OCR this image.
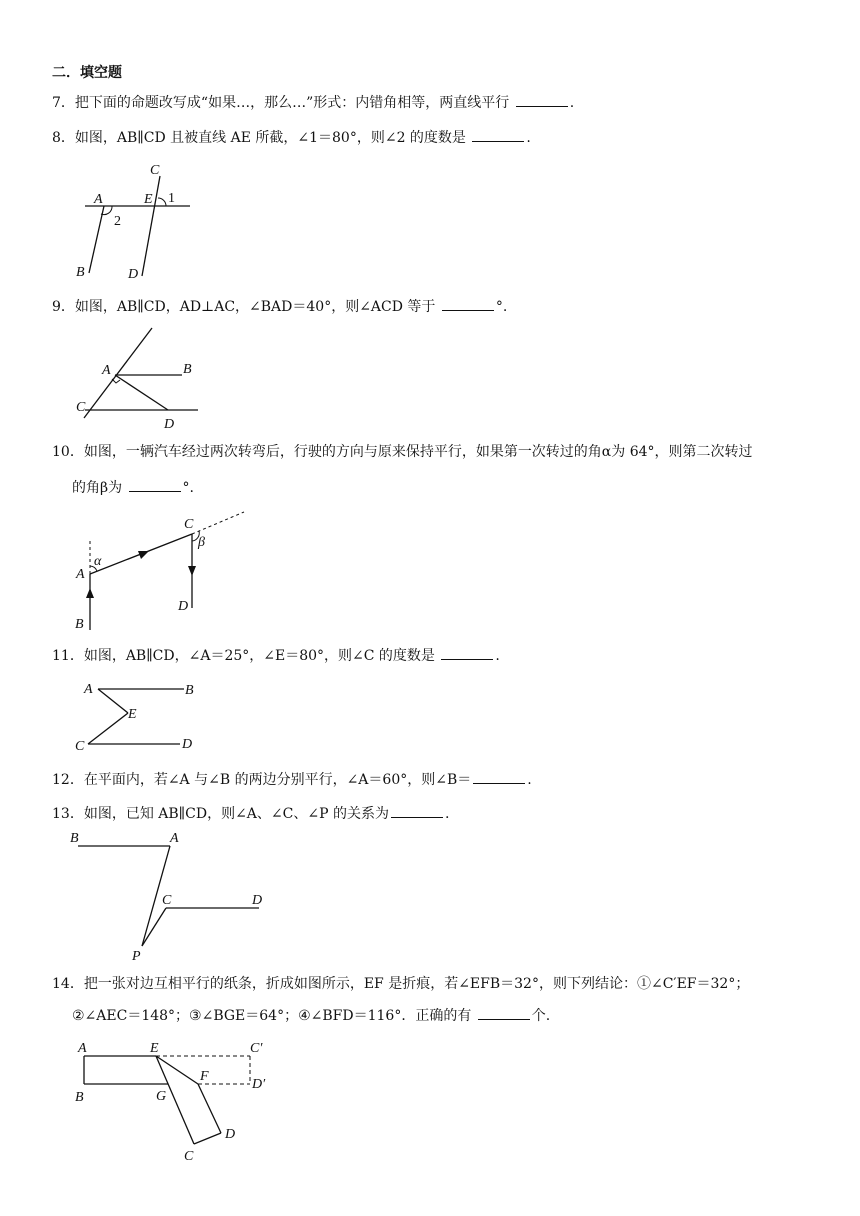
二．填空题
7．把下面的命题改写成“如果…，那么…”形式：内错角相等，两直线平行	.
8．如图，AB∥CD 且被直线 AE 所截，∠1＝80°，则∠2 的度数是	.
C
A	E 1
2
B	D
9．如图，AB∥CD，AD⊥AC，∠BAD＝40°，则∠ACD 等于	°.
A	B
C
D
10．如图，一辆汽车经过两次转弯后，行驶的方向与原来保持平行，如果第一次转过的角α为 64°，则第二次转过
的角β为	°.
C
β
α
A
D
B
11．如图，AB∥CD，∠A＝25°，∠E＝80°，则∠C 的度数是	.
A	B
E
C	D
12．在平面内，若∠A 与∠B 的两边分别平行，∠A＝60°，则∠B＝	.
13．如图，已知 AB∥CD，则∠A、∠C、∠P 的关系为	.
B	A
C	D
P
14．把一张对边互相平行的纸条，折成如图所示，EF 是折痕，若∠EFB＝32°，则下列结论：①∠C′EF＝32°；
②∠AEC＝148°；③∠BGE＝64°；④∠BFD＝116°．正确的有	个.
A	E	C′
F
D′
B	G
D
C
